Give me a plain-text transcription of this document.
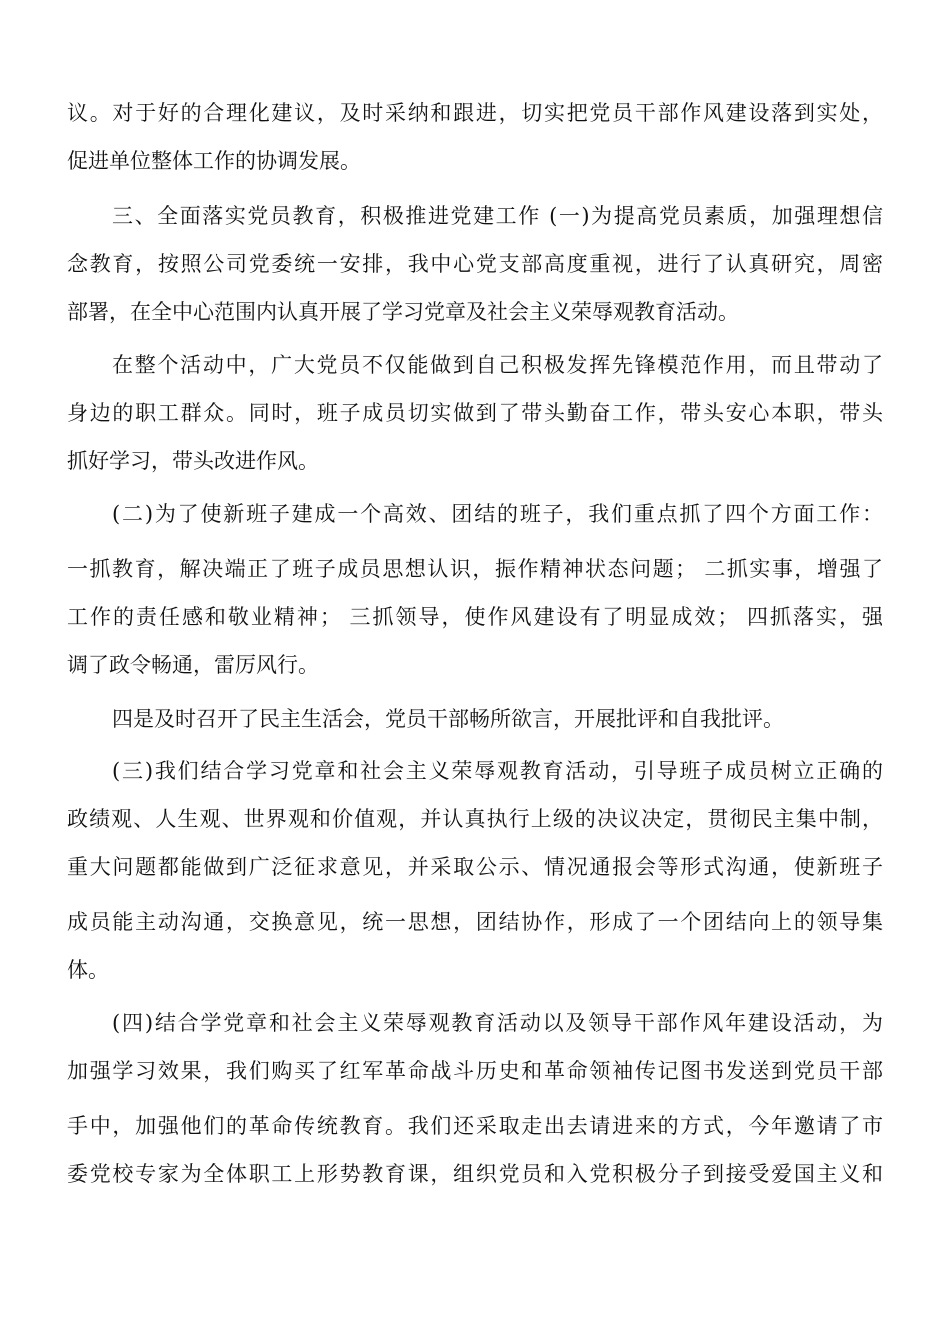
议。对于好的合理化建议，及时采纳和跟进，切实把党员干部作风建设落到实处，
促进单位整体工作的协调发展。
三、全面落实党员教育，积极推进党建工作 (一)为提高党员素质，加强理想信
念教育，按照公司党委统一安排，我中心党支部高度重视，进行了认真研究，周密
部署，在全中心范围内认真开展了学习党章及社会主义荣辱观教育活动。
在整个活动中，广大党员不仅能做到自己积极发挥先锋模范作用，而且带动了
身边的职工群众。同时，班子成员切实做到了带头勤奋工作，带头安心本职，带头
抓好学习，带头改进作风。
(二)为了使新班子建成一个高效、团结的班子，我们重点抓了四个方面工作：
一抓教育，解决端正了班子成员思想认识，振作精神状态问题； 二抓实事，增强了
工作的责任感和敬业精神； 三抓领导，使作风建设有了明显成效； 四抓落实，强
调了政令畅通，雷厉风行。
四是及时召开了民主生活会，党员干部畅所欲言，开展批评和自我批评。
(三)我们结合学习党章和社会主义荣辱观教育活动，引导班子成员树立正确的
政绩观、人生观、世界观和价值观，并认真执行上级的决议决定，贯彻民主集中制，
重大问题都能做到广泛征求意见，并采取公示、情况通报会等形式沟通，使新班子
成员能主动沟通，交换意见，统一思想，团结协作，形成了一个团结向上的领导集
体。
(四)结合学党章和社会主义荣辱观教育活动以及领导干部作风年建设活动，为
加强学习效果，我们购买了红军革命战斗历史和革命领袖传记图书发送到党员干部
手中，加强他们的革命传统教育。我们还采取走出去请进来的方式，今年邀请了市
委党校专家为全体职工上形势教育课，组织党员和入党积极分子到接受爱国主义和
